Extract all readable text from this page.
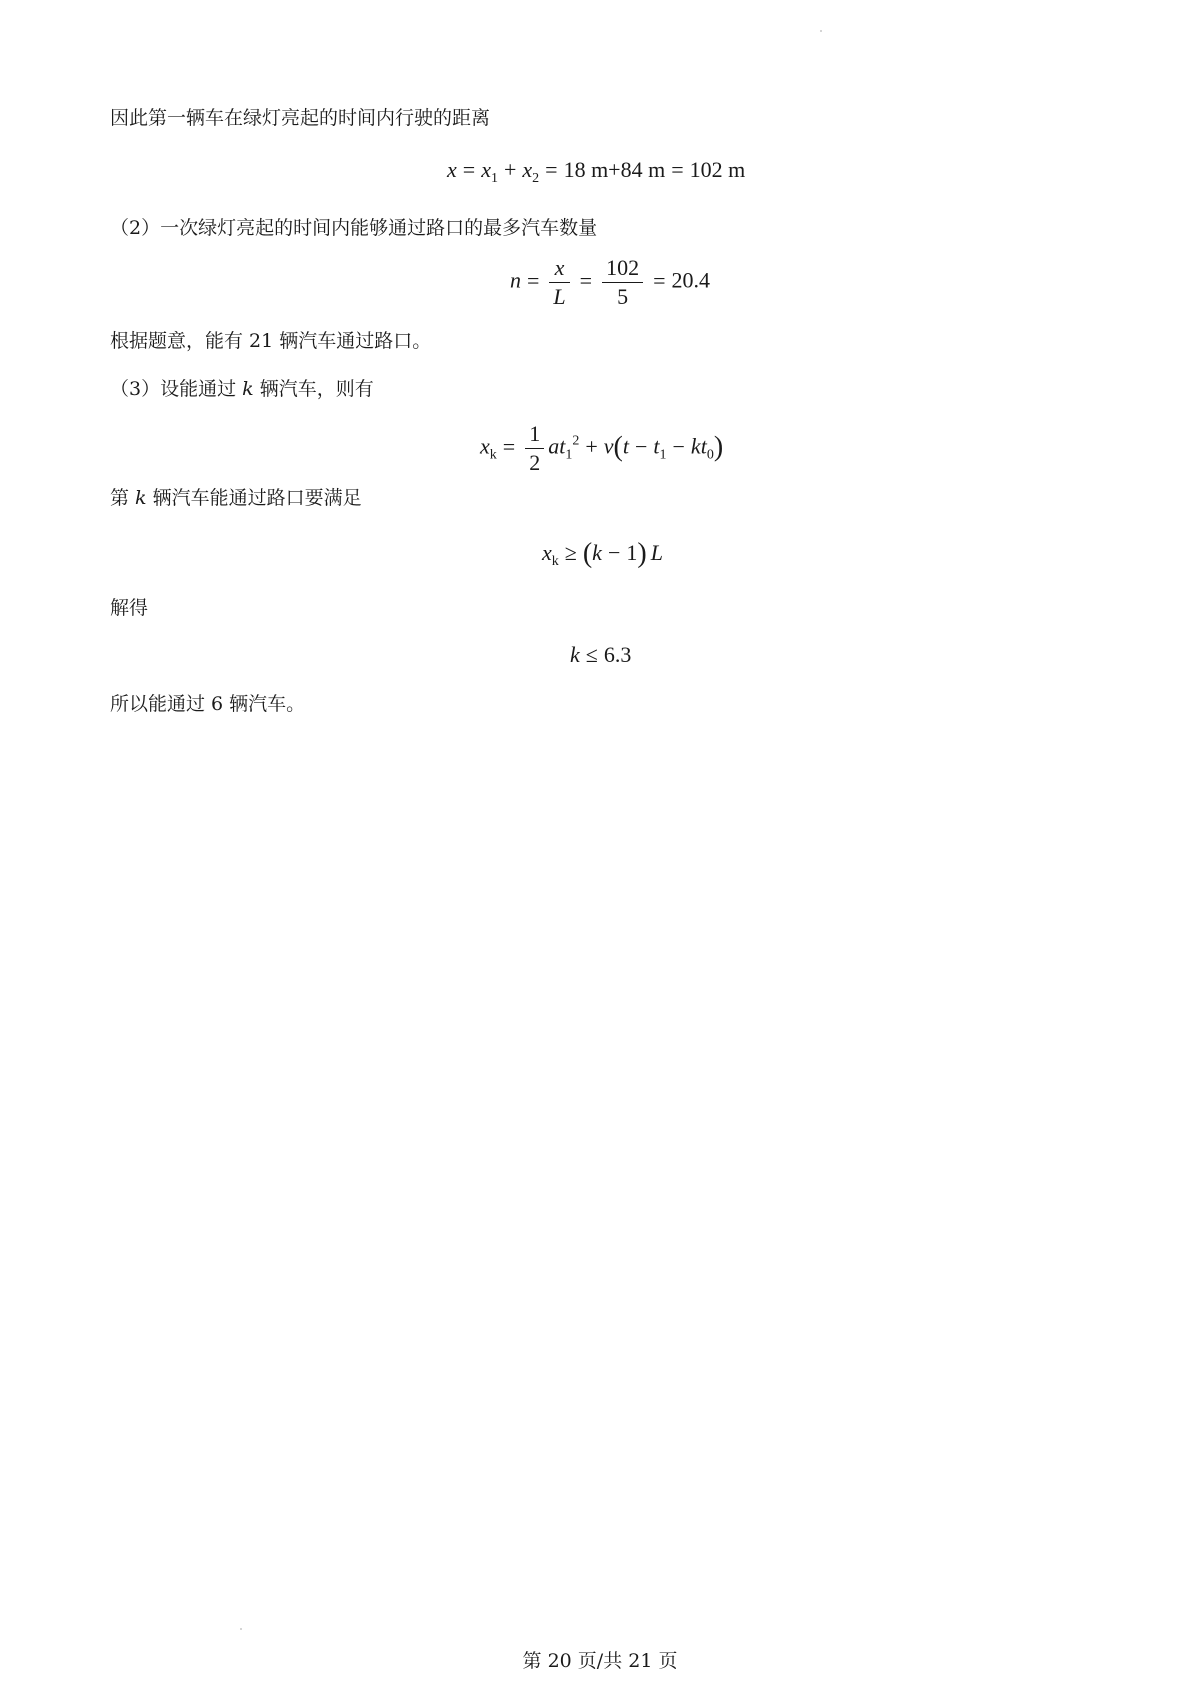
因此第一辆车在绿灯亮起的时间内行驶的距离
$x = x_1 + x_2 = 18$ m+84 m = 102 m
（2）一次绿灯亮起的时间内能够通过路口的最多汽车数量
$n = \frac{x}{L} = \frac{102}{5} = 20.4$
根据题意，能有 21 辆汽车通过路口。
（3）设能通过 k 辆汽车，则有
$x_k = \frac{1}{2} at_1^2 + v(t - t_1 - kt_0)$
第 k 辆汽车能通过路口要满足
$x_k \ge (k - 1)$ L
解得
k ≤ 6.3
所以能通过 6 辆汽车。
第 20 页/共 21 页
